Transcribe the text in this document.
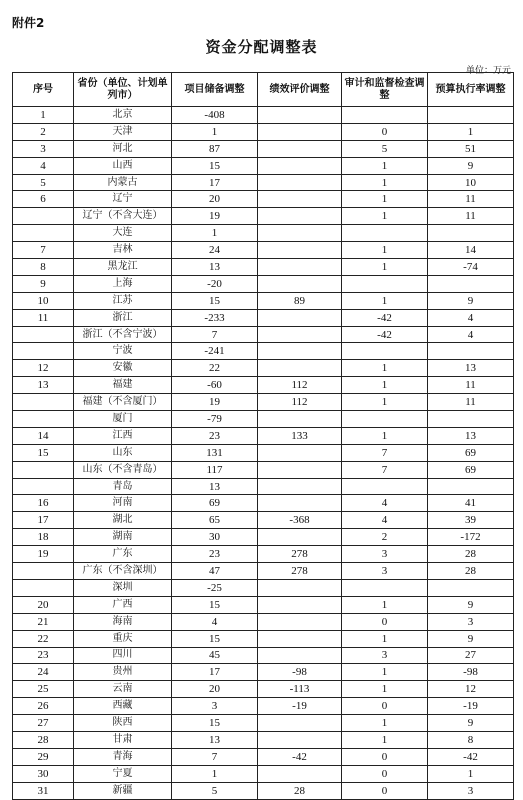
附件2
资金分配调整表
单位：万元
序号	省份（单位、计划单列市）	项目储备调整	绩效评价调整	审计和监督检查调整	预算执行率调整
1	北京	-408			
2	天津	1		0	1
3	河北	87		5	51
4	山西	15		1	9
5	内蒙古	17		1	10
6	辽宁	20		1	11
	辽宁（不含大连）	19		1	11
	大连	1			
7	吉林	24		1	14
8	黑龙江	13		1	-74
9	上海	-20			
10	江苏	15	89	1	9
11	浙江	-233		-42	4
	浙江（不含宁波）	7		-42	4
	宁波	-241			
12	安徽	22		1	13
13	福建	-60	112	1	11
	福建（不含厦门）	19	112	1	11
	厦门	-79			
14	江西	23	133	1	13
15	山东	131		7	69
	山东（不含青岛）	117		7	69
	青岛	13			
16	河南	69		4	41
17	湖北	65	-368	4	39
18	湖南	30		2	-172
19	广东	23	278	3	28
	广东（不含深圳）	47	278	3	28
	深圳	-25			
20	广西	15		1	9
21	海南	4		0	3
22	重庆	15		1	9
23	四川	45		3	27
24	贵州	17	-98	1	-98
25	云南	20	-113	1	12
26	西藏	3	-19	0	-19
27	陕西	15		1	9
28	甘肃	13		1	8
29	青海	7	-42	0	-42
30	宁夏	1		0	1
31	新疆	5	28	0	3
